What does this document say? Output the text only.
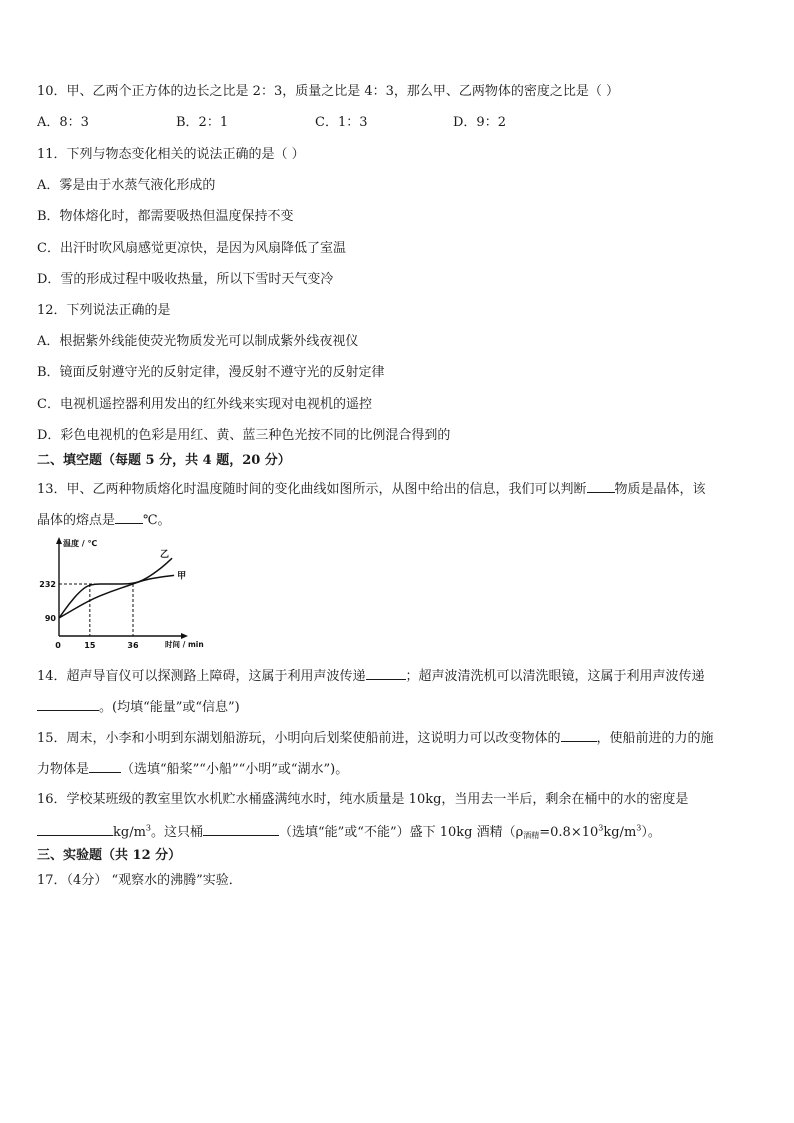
10．甲、乙两个正方体的边长之比是 2：3，质量之比是 4：3，那么甲、乙两物体的密度之比是（ ）
A．8：3	B．2：1	C．1：3	D．9：2
11．下列与物态变化相关的说法正确的是（ ）
A．雾是由于水蒸气液化形成的
B．物体熔化时，都需要吸热但温度保持不变
C．出汗时吹风扇感觉更凉快，是因为风扇降低了室温
D．雪的形成过程中吸收热量，所以下雪时天气变冷
12．下列说法正确的是
A．根据紫外线能使荧光物质发光可以制成紫外线夜视仪
B．镜面反射遵守光的反射定律，漫反射不遵守光的反射定律
C．电视机遥控器利用发出的红外线来实现对电视机的遥控
D．彩色电视机的色彩是用红、黄、蓝三种色光按不同的比例混合得到的
二、填空题（每题 5 分，共 4 题，20 分）
13．甲、乙两种物质熔化时温度随时间的变化曲线如图所示，从图中给出的信息，我们可以判断 物质是晶体，该
晶体的熔点是 ℃。
温度 / ℃
时间 / min
0	15	36
90
232
甲
乙
14．超声导盲仪可以探测路上障碍，这属于利用声波传递	；超声波清洗机可以清洗眼镜，这属于利用声波传递
。(均填“能量”或“信息”)
15．周末，小李和小明到东湖划船游玩，小明向后划桨使船前进，这说明力可以改变物体的	，使船前进的力的施
力物体是 （选填“船桨”“小船”“小明”或“湖水”)。
16．学校某班级的教室里饮水机贮水桶盛满纯水时，纯水质量是 10kg，当用去一半后，剩余在桶中的水的密度是
$kg/m^3$。这只桶	（选填“能”或“不能”）盛下 10kg 酒精$(\rho_{酒精}=0.8\times 10^3kg/m^3)$。
三、实验题（共 12 分）
17．（4分） “观察水的沸腾”实验．
